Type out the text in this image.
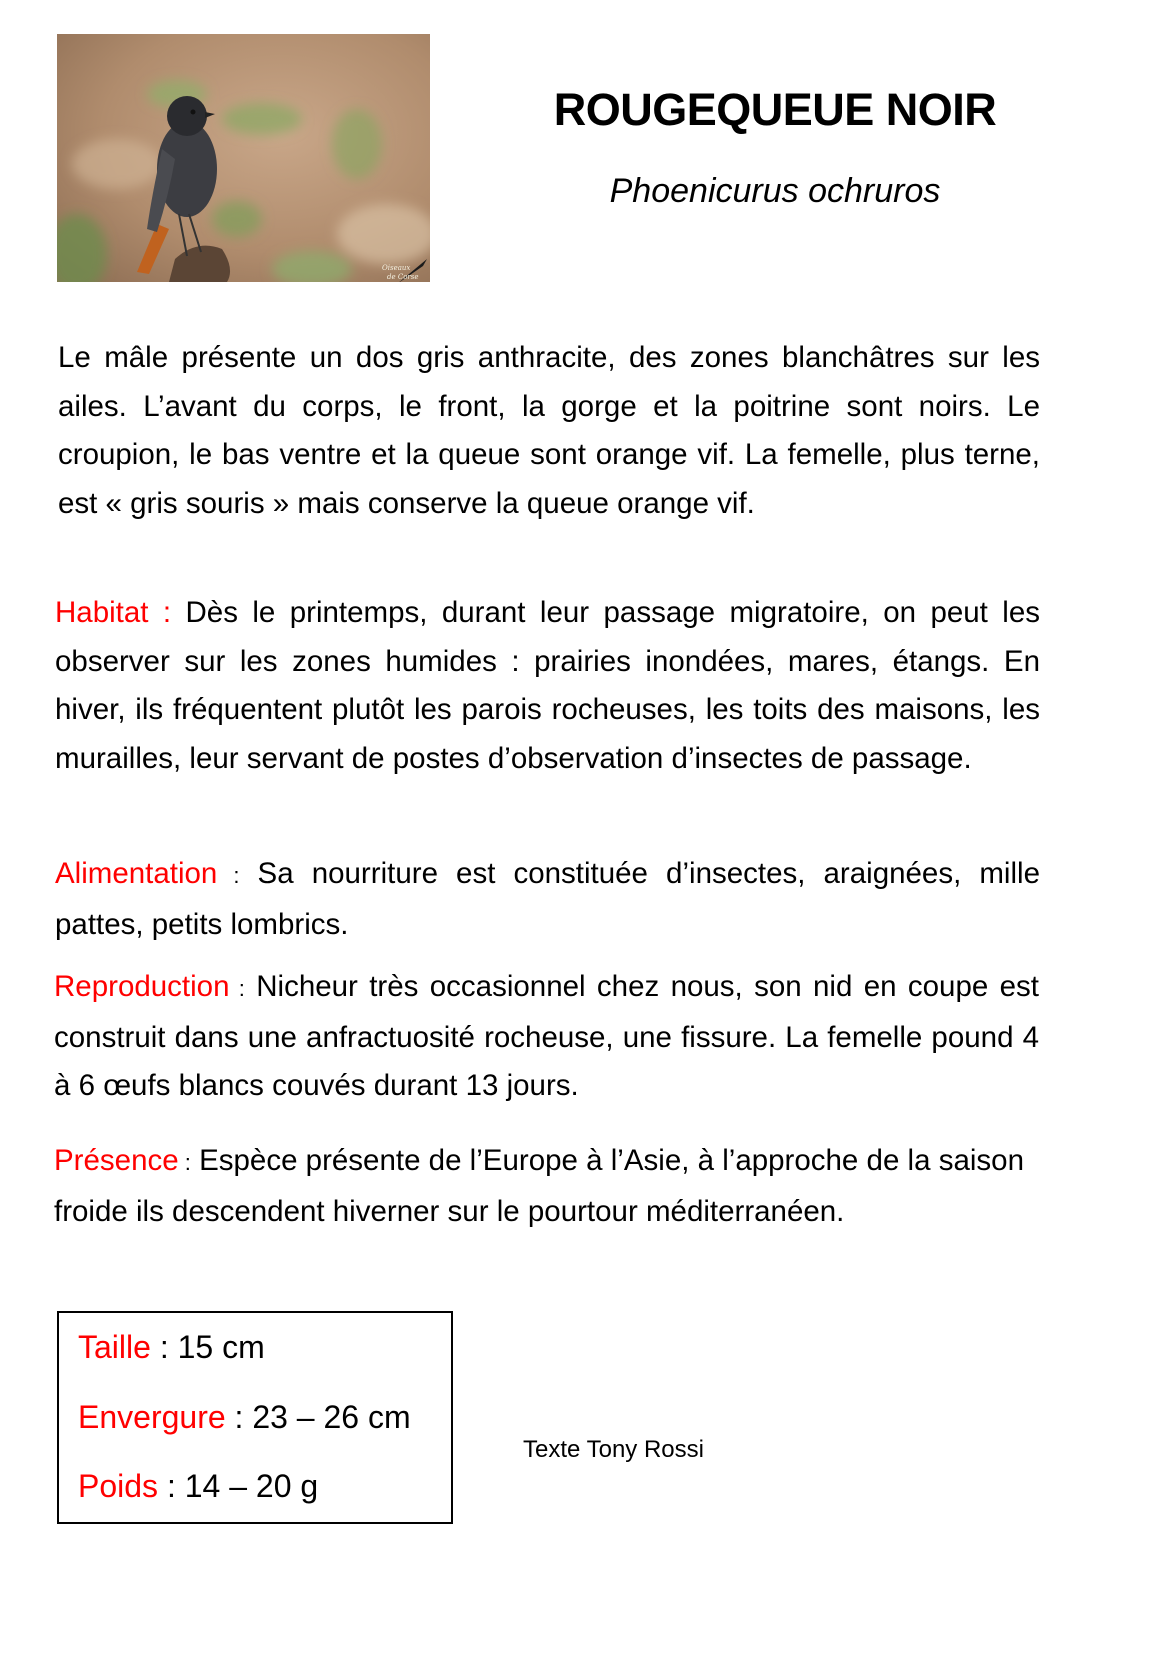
Oiseaux
de Corse
ROUGEQUEUE NOIR
Phoenicurus ochruros
Le mâle présente un dos gris anthracite, des zones blanchâtres sur les ailes. L’avant du corps, le front, la gorge et la poitrine sont noirs. Le croupion, le bas ventre et la queue sont orange vif. La femelle, plus terne, est « gris souris » mais conserve la queue orange vif.
Habitat : Dès le printemps, durant leur passage migratoire, on peut les observer sur les zones humides : prairies inondées, mares, étangs. En hiver, ils fréquentent plutôt les parois rocheuses, les toits des maisons, les murailles, leur servant de postes d’observation d’insectes de passage.
Alimentation : Sa nourriture est constituée d’insectes, araignées, mille pattes, petits lombrics.
Reproduction : Nicheur très occasionnel chez nous, son nid en coupe est construit dans une anfractuosité rocheuse, une fissure. La femelle pound 4 à 6 œufs blancs couvés durant 13 jours.
Présence : Espèce présente de l’Europe à l’Asie, à l’approche de la saison froide ils descendent hiverner sur le pourtour méditerranéen.
Taille : 15 cm
Envergure : 23 – 26 cm
Poids : 14 – 20 g
Texte Tony Rossi
